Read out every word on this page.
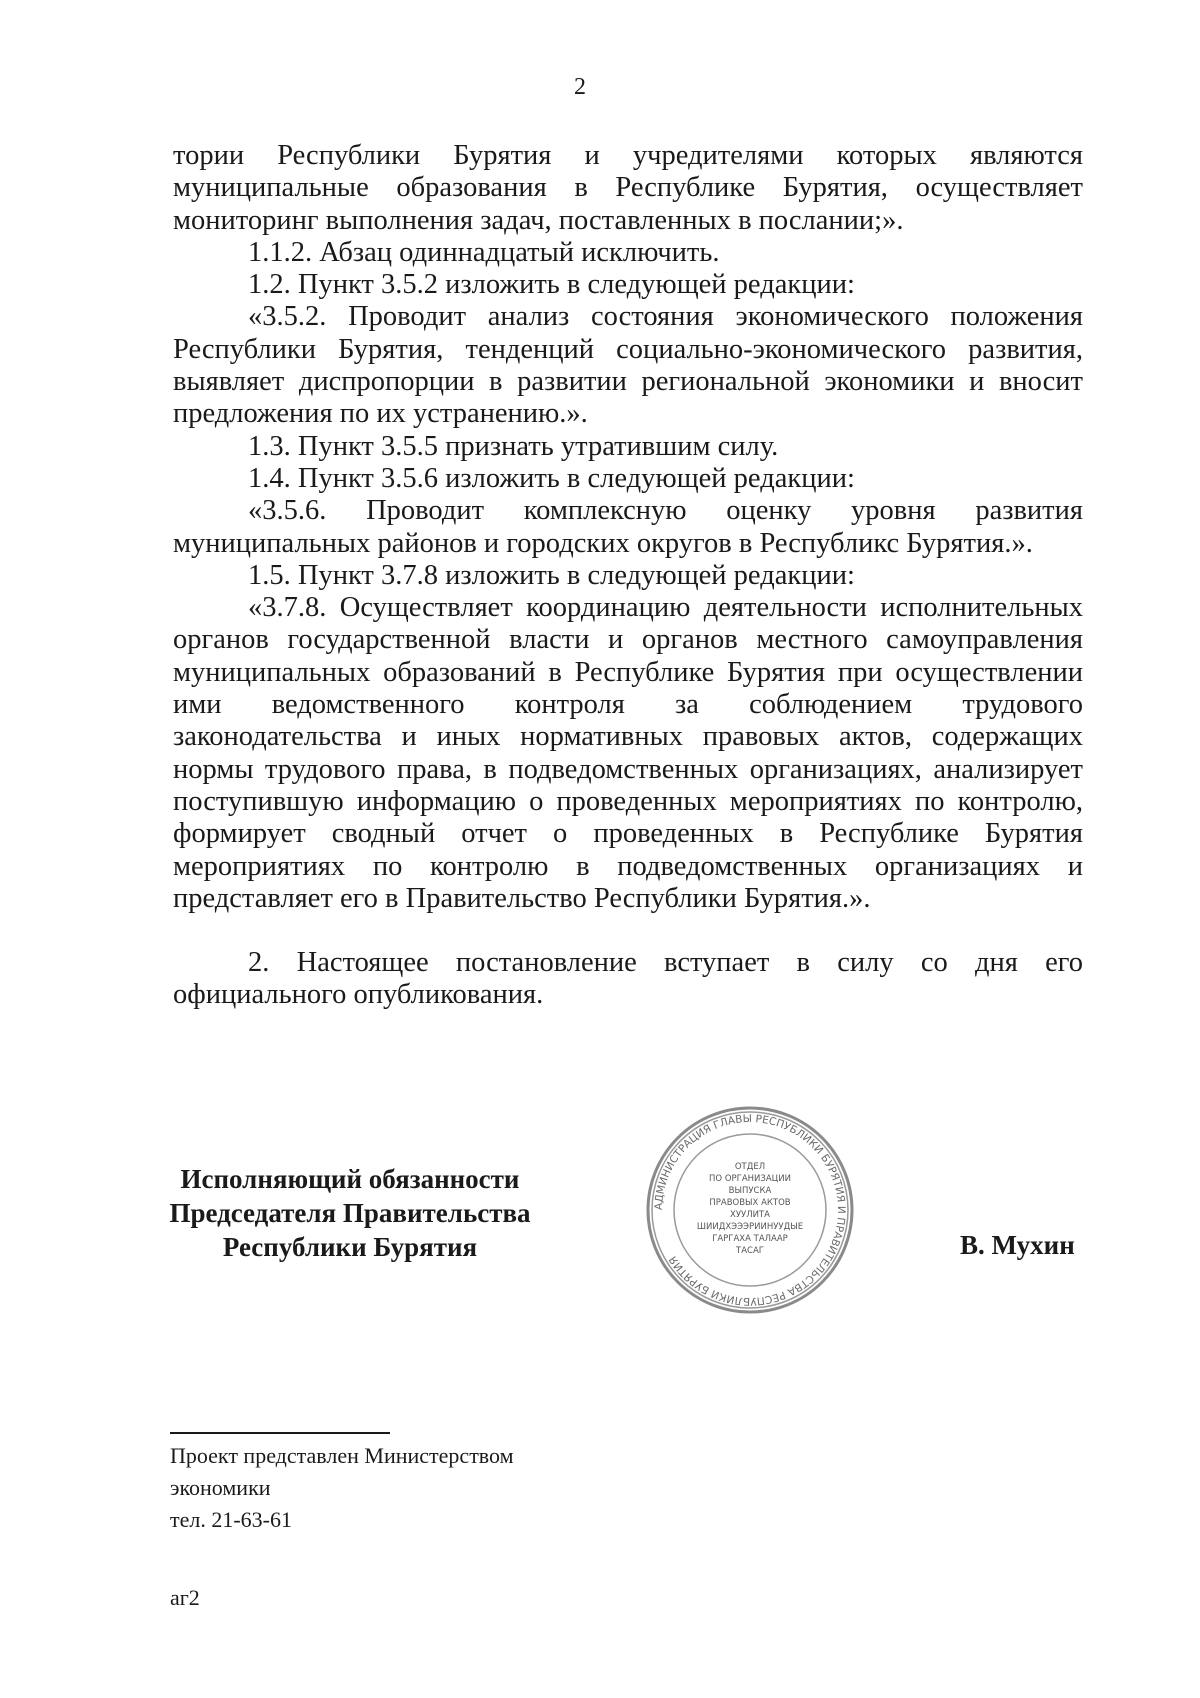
2

тории Республики Бурятия и учредителями которых являются муниципальные образования в Республике Бурятия, осуществляет мониторинг выполнения задач, поставленных в послании;».

1.1.2. Абзац одиннадцатый исключить.

1.2. Пункт 3.5.2 изложить в следующей редакции:

«3.5.2. Проводит анализ состояния экономического положения Республики Бурятия, тенденций социально-экономического развития, выявляет диспропорции в развитии региональной экономики и вносит предложения по их устранению.».

1.3. Пункт 3.5.5 признать утратившим силу.

1.4. Пункт 3.5.6 изложить в следующей редакции:

«3.5.6. Проводит комплексную оценку уровня развития муниципальных районов и городских округов в Республикс Бурятия.».

1.5. Пункт 3.7.8 изложить в следующей редакции:

«3.7.8. Осуществляет координацию деятельности исполнительных органов государственной власти и органов местного самоуправления муниципальных образований в Республике Бурятия при осуществлении ими ведомственного контроля за соблюдением трудового законодательства и иных нормативных правовых актов, содержащих нормы трудового права, в подведомственных организациях, анализирует поступившую информацию о проведенных мероприятиях по контролю, формирует сводный отчет о проведенных в Республике Бурятия мероприятиях по контролю в подведомственных организациях и представляет его в Правительство Республики Бурятия.».

2. Настоящее постановление вступает в силу со дня его официального опубликования.

Исполняющий обязанности
Председателя Правительства
Республики Бурятия
АДМИНИСТРАЦИЯ ГЛАВЫ РЕСПУБЛИКИ БУРЯТИЯ И ПРАВИТЕЛЬСТВА РЕСПУБЛИКИ БУРЯТИЯ
ОТДЕЛ
ПО ОРГАНИЗАЦИИ
ВЫПУСКА
ПРАВОВЫХ АКТОВ
ХУУЛИТА
ШИИДХЭЭЭРИИНУУДЫЕ
ГАРГАХА ТАЛААР
ТАСАГ	В. Мухин
Проект представлен Министерством
экономики
тел. 21-63-61
аг2
